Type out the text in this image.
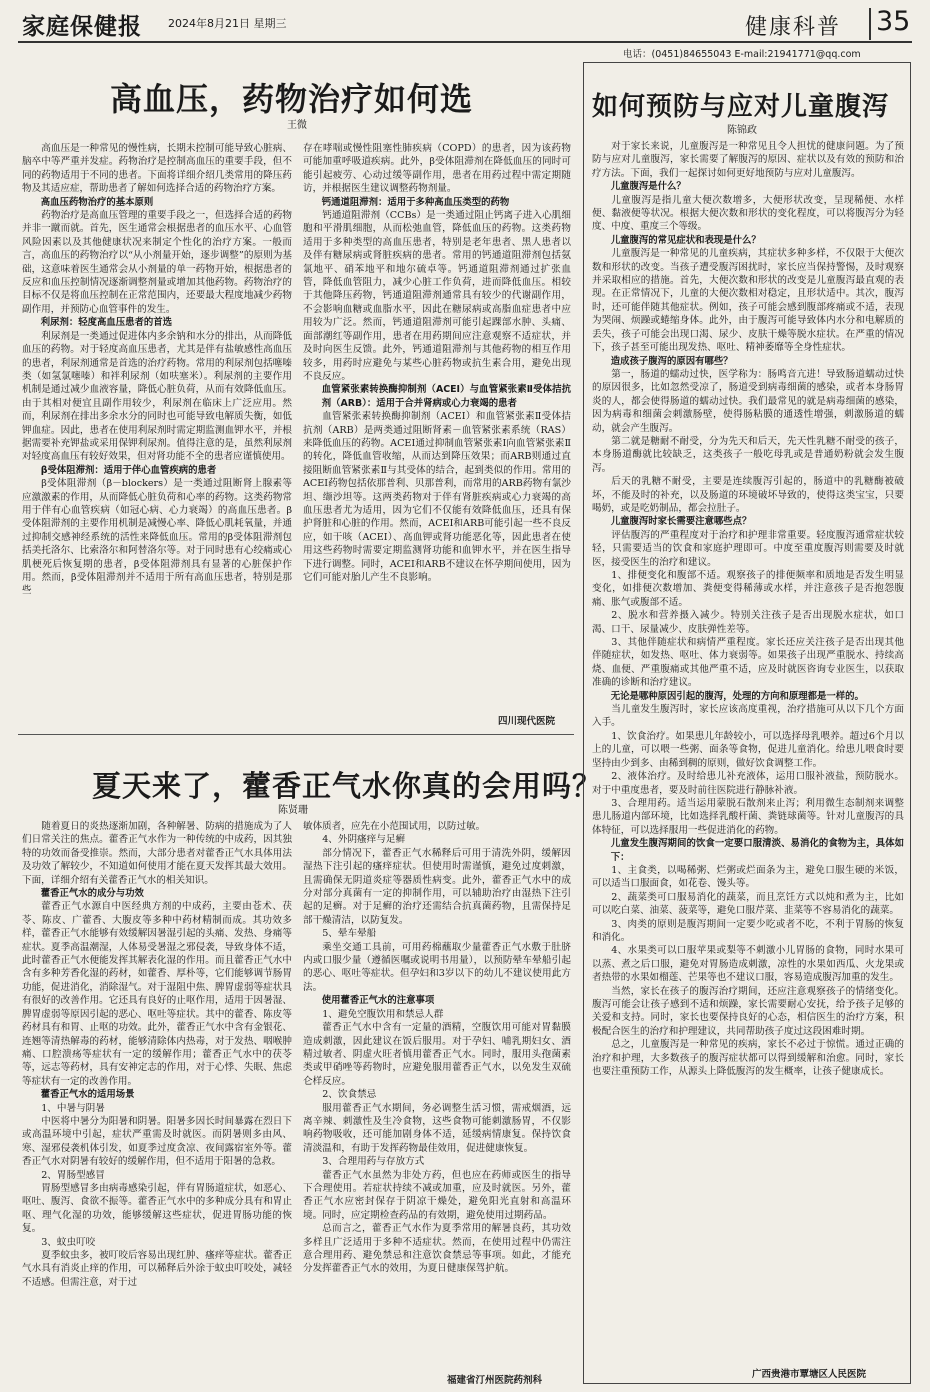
家庭保健报 2024年8月21日 星期三	健康科普 35
电话：(0451)84655043 E-mail:21941771@qq.com
高血压，药物治疗如何选
王微

高血压是一种常见的慢性病，长期未控制可能导致心脏病、脑卒中等严重并发症。药物治疗是控制高血压的重要手段，但不同的药物适用于不同的患者。下面将详细介绍几类常用的降压药物及其适应症，帮助患者了解如何选择合适的药物治疗方案。

高血压药物治疗的基本原则

药物治疗是高血压管理的重要手段之一，但选择合适的药物并非一蹴而就。首先，医生通常会根据患者的血压水平、心血管风险因素以及其他健康状况来制定个性化的治疗方案。一般而言，高血压的药物治疗以“从小剂量开始，逐步调整”的原则为基础，这意味着医生通常会从小剂量的单一药物开始，根据患者的反应和血压控制情况逐渐调整剂量或增加其他药物。药物治疗的目标不仅是将血压控制在正常范围内，还要最大程度地减少药物副作用，并预防心血管事件的发生。

利尿剂：轻度高血压患者的首选

利尿剂是一类通过促进体内多余钠和水分的排出，从而降低血压的药物。对于轻度高血压患者，尤其是伴有盐敏感性高血压的患者，利尿剂通常是首选的治疗药物。常用的利尿剂包括噻嗪类（如氢氯噻嗪）和袢利尿剂（如呋塞米）。利尿剂的主要作用机制是通过减少血液容量，降低心脏负荷，从而有效降低血压。由于其相对便宜且副作用较少，利尿剂在临床上广泛应用。然而，利尿剂在排出多余水分的同时也可能导致电解质失衡，如低钾血症。因此，患者在使用利尿剂时需定期监测血钾水平，并根据需要补充钾盐或采用保钾利尿剂。值得注意的是，虽然利尿剂对轻度高血压有较好效果，但对肾功能不全的患者应谨慎使用。

β受体阻滞剂：适用于伴心血管疾病的患者

β受体阻滞剂（β－blockers）是一类通过阻断肾上腺素等应激激素的作用，从而降低心脏负荷和心率的药物。这类药物常用于伴有心血管疾病（如冠心病、心力衰竭）的高血压患者。β受体阻滞剂的主要作用机制是减慢心率、降低心肌耗氧量，并通过抑制交感神经系统的活性来降低血压。常用的β受体阻滞剂包括美托洛尔、比索洛尔和阿替洛尔等。对于同时患有心绞痛或心肌梗死后恢复期的患者，β受体阻滞剂具有显著的心脏保护作用。然而，β受体阻滞剂并不适用于所有高血压患者，特别是那些

存在哮喘或慢性阻塞性肺疾病（COPD）的患者，因为该药物可能加重呼吸道疾病。此外，β受体阻滞剂在降低血压的同时可能引起疲劳、心动过缓等副作用，患者在用药过程中需定期随访，并根据医生建议调整药物剂量。

钙通道阻滞剂：适用于多种高血压类型的药物

钙通道阻滞剂（CCBs）是一类通过阻止钙离子进入心肌细胞和平滑肌细胞，从而松弛血管，降低血压的药物。这类药物适用于多种类型的高血压患者，特别是老年患者、黑人患者以及伴有糖尿病或肾脏疾病的患者。常用的钙通道阻滞剂包括氨氯地平、硝苯地平和地尔硫卓等。钙通道阻滞剂通过扩张血管，降低血管阻力，减少心脏工作负荷，进而降低血压。相较于其他降压药物，钙通道阻滞剂通常具有较少的代谢副作用，不会影响血糖或血脂水平，因此在糖尿病或高脂血症患者中应用较为广泛。然而，钙通道阻滞剂可能引起踝部水肿、头痛、面部潮红等副作用，患者在用药期间应注意观察不适症状，并及时向医生反馈。此外，钙通道阻滞剂与其他药物的相互作用较多，用药时应避免与某些心脏药物或抗生素合用，避免出现不良反应。

血管紧张素转换酶抑制剂（ACEI）与血管紧张素Ⅱ受体拮抗剂（ARB）：适用于合并肾病或心力衰竭的患者

血管紧张素转换酶抑制剂（ACEI）和血管紧张素Ⅱ受体拮抗剂（ARB）是两类通过阻断肾素－血管紧张素系统（RAS）来降低血压的药物。ACEI通过抑制血管紧张素Ⅰ向血管紧张素Ⅱ的转化，降低血管收缩，从而达到降压效果；而ARB则通过直接阻断血管紧张素Ⅱ与其受体的结合，起到类似的作用。常用的ACEI药物包括依那普利、贝那普利，而常用的ARB药物有氯沙坦、缬沙坦等。这两类药物对于伴有肾脏疾病或心力衰竭的高血压患者尤为适用，因为它们不仅能有效降低血压，还具有保护肾脏和心脏的作用。然而，ACEI和ARB可能引起一些不良反应，如干咳（ACEI）、高血钾或肾功能恶化等，因此患者在使用这些药物时需要定期监测肾功能和血钾水平，并在医生指导下进行调整。同时，ACEI和ARB不建议在怀孕期间使用，因为它们可能对胎儿产生不良影响。

四川现代医院
夏天来了，藿香正气水你真的会用吗？
陈贤珊

随着夏日的炎热逐渐加剧，各种解暑、防病的措施成为了人们日常关注的焦点。藿香正气水作为一种传统的中成药，因其独特的功效而备受推崇。然而，大部分患者对藿香正气水具体用法及功效了解较少，不知道如何使用才能在夏天发挥其最大效用。下面，详细介绍有关藿香正气水的相关知识。

藿香正气水的成分与功效

藿香正气水源自中医经典方剂的中成药，主要由苍术、茯苓、陈皮、广藿香、大腹皮等多种中药材精制而成。其功效多样，藿香正气水能够有效缓解因暑湿引起的头痛、发热、身痛等症状。夏季高温潮湿，人体易受暑湿之邪侵袭，导致身体不适，此时藿香正气水便能发挥其解表化湿的作用。而且藿香正气水中含有多种芳香化湿的药材，如藿香、厚朴等，它们能够调节肠胃功能，促进消化，消除湿气。对于湿阻中焦、脾胃虚弱等症状具有很好的改善作用。它还具有良好的止呕作用，适用于因暑湿、脾胃虚弱等原因引起的恶心、呕吐等症状。其中的藿香、陈皮等药材具有和胃、止呕的功效。此外，藿香正气水中含有金银花、连翘等清热解毒的药材，能够清除体内热毒，对于发热、咽喉肿痛、口腔溃疡等症状有一定的缓解作用；藿香正气水中的茯苓等，远志等药材，具有安神定志的作用，对于心悸、失眠、焦虑等症状有一定的改善作用。

藿香正气水的适用场景

1、中暑与阴暑

中医将中暑分为阳暑和阴暑。阳暑多因长时间暴露在烈日下或高温环境中引起，症状严重需及时就医。而阴暑则多由风、寒、湿邪侵袭机体引发，如夏季过度贪凉、夜间露宿室外等。藿香正气水对阴暑有较好的缓解作用，但不适用于阳暑的急救。

2、胃肠型感冒

胃肠型感冒多由病毒感染引起，伴有胃肠道症状，如恶心、呕吐、腹泻、食欲不振等。藿香正气水中的多种成分具有和胃止呕、理气化湿的功效，能够缓解这些症状，促进胃肠功能的恢复。

3、蚊虫叮咬

夏季蚊虫多，被叮咬后容易出现红肿、瘙痒等症状。藿香正气水具有消炎止痒的作用，可以稀释后外涂于蚊虫叮咬处，减轻不适感。但需注意，对于过

敏体质者，应先在小范围试用，以防过敏。

4、外阴瘙痒与足癣

部分情况下，藿香正气水稀释后可用于清洗外阴，缓解因湿热下注引起的瘙痒症状。但使用时需谨慎，避免过度刺激，且需确保无阴道炎症等器质性病变。此外，藿香正气水中的成分对部分真菌有一定的抑制作用，可以辅助治疗由湿热下注引起的足癣。对于足癣的治疗还需结合抗真菌药物，且需保持足部干燥清洁，以防复发。

5、晕车晕船

乘坐交通工具前，可用药棉蘸取少量藿香正气水敷于肚脐内或口服少量（遵循医嘱或说明书用量），以预防晕车晕船引起的恶心、呕吐等症状。但孕妇和3岁以下的幼儿不建议使用此方法。

使用藿香正气水的注意事项

1、避免空腹饮用和禁忌人群

藿香正气水中含有一定量的酒精，空腹饮用可能对胃黏膜造成刺激，因此建议在饭后服用。对于孕妇、哺乳期妇女、酒精过敏者、阴虚火旺者慎用藿香正气水。同时，服用头孢菌素类或甲硝唑等药物时，应避免服用藿香正气水，以免发生双硫仑样反应。

2、饮食禁忌

服用藿香正气水期间，务必调整生活习惯，需戒烟酒，远离辛辣、刺激性及生冷食物，这些食物可能刺激肠胃，不仅影响药物吸收，还可能加剧身体不适，延缓病情康复。保持饮食清淡温和，有助于发挥药物最佳效用，促进健康恢复。

3、合理用药与存放方式

藿香正气水虽然为非处方药，但也应在药师或医生的指导下合理使用。若症状持续不减或加重，应及时就医。另外，藿香正气水应密封保存于阴凉干燥处，避免阳光直射和高温环境。同时，应定期检查药品的有效期，避免使用过期药品。

总而言之，藿香正气水作为夏季常用的解暑良药，其功效多样且广泛适用于多种不适症状。然而，在使用过程中仍需注意合理用药、避免禁忌和注意饮食禁忌等事项。如此，才能充分发挥藿香正气水的效用，为夏日健康保驾护航。

福建省汀州医院药剂科
如何预防与应对儿童腹泻
陈锦政

对于家长来说，儿童腹泻是一种常见且令人担忧的健康问题。为了预防与应对儿童腹泻，家长需要了解腹泻的原因、症状以及有效的预防和治疗方法。下面，我们一起探讨如何更好地预防与应对儿童腹泻。

儿童腹泻是什么？

儿童腹泻是指儿童大便次数增多，大便形状改变，呈现稀便、水样便、黏液便等状况。根据大便次数和形状的变化程度，可以将腹泻分为轻度、中度、重度三个等级。

儿童腹泻的常见症状和表现是什么？

儿童腹泻是一种常见的儿童疾病，其症状多种多样，不仅限于大便次数和形状的改变。当孩子遭受腹泻困扰时，家长应当保持警惕，及时观察并采取相应的措施。首先，大便次数和形状的改变是儿童腹泻最直观的表现。在正常情况下，儿童的大便次数相对稳定，且形状适中。其次，腹泻时，还可能伴随其他症状。例如，孩子可能会感到腹部疼痛或不适，表现为哭闹、烦躁或蜷缩身体。此外，由于腹泻可能导致体内水分和电解质的丢失，孩子可能会出现口渴、尿少、皮肤干燥等脱水症状。在严重的情况下，孩子甚至可能出现发热、呕吐、精神萎靡等全身性症状。

造成孩子腹泻的原因有哪些？

第一，肠道的蠕动过快，医学称为：肠鸣音亢进！导致肠道蠕动过快的原因很多，比如忽然受凉了，肠道受到病毒细菌的感染，或者本身肠胃炎的人，都会使得肠道的蠕动过快。我们最常见的就是病毒细菌的感染，因为病毒和细菌会刺激肠壁，使得肠粘膜的通透性增强，刺激肠道的蠕动，就会产生腹泻。

第二就是糖耐不耐受，分为先天和后天，先天性乳糖不耐受的孩子，本身肠道酶就比较缺乏，这类孩子一般吃母乳或是普通奶粉就会发生腹泻。

后天的乳糖不耐受，主要是连续腹泻引起的，肠道中的乳糖酶被破坏，不能及时的补充，以及肠道的环境破坏导致的，使得这类宝宝，只要喝奶，或是吃奶制品，都会拉肚子。

儿童腹泻时家长需要注意哪些点？

评估腹泻的严重程度对于治疗和护理非常重要。轻度腹泻通常症状较轻，只需要适当的饮食和家庭护理即可。中度至重度腹泻则需要及时就医，接受医生的治疗和建议。

1、排便变化和腹部不适。观察孩子的排便频率和质地是否发生明显变化，如排便次数增加、粪便变得稀薄或水样，并注意孩子是否抱怨腹痛、胀气或腹部不适。

2、脱水和营养摄入减少。特别关注孩子是否出现脱水症状，如口渴、口干、尿量减少、皮肤弹性差等。

3、其他伴随症状和病情严重程度。家长还应关注孩子是否出现其他伴随症状，如发热、呕吐、体力衰弱等。如果孩子出现严重脱水、持续高烧、血便、严重腹痛或其他严重不适，应及时就医咨询专业医生，以获取准确的诊断和治疗建议。

无论是哪种原因引起的腹泻，处理的方向和原理都是一样的。

当儿童发生腹泻时，家长应该高度重视，治疗措施可从以下几个方面入手。

1、饮食治疗。如果患儿年龄较小，可以选择母乳喂养。超过6个月以上的儿童，可以喂一些粥、面条等食物，促进儿童消化。给患儿喂食时要坚持由少到多、由稀到稠的原则，做好饮食调整工作。

2、液体治疗。及时给患儿补充液体，运用口服补液盐，预防脱水。对于中重度患者，要及时前往医院进行静脉补液。

3、合理用药。适当运用蒙脱石散剂来止泻；利用微生态制剂来调整患儿肠道内部环境，比如选择乳酸杆菌、粪链球菌等。针对儿童腹泻的具体特征，可以选择服用一些促进消化的药物。

儿童发生腹泻期间的饮食一定要口服清淡、易消化的食物为主，具体如下：

1、主食类，以喝稀粥、烂粥或烂面条为主，避免口服生硬的米饭，可以适当口服面食，如花卷、馒头等。

2、蔬菜类可口服易消化的蔬菜，而且烹饪方式以炖和煮为主，比如可以吃白菜、油菜、菠菜等，避免口服芹菜、韭菜等不容易消化的蔬菜。

3、肉类的原则是腹泻期间一定要少吃或者不吃，不利于胃肠的恢复和消化。

4、水果类可以口服苹果或梨等不刺激小儿胃肠的食物，同时水果可以蒸、煮之后口服，避免对胃肠造成刺激，凉性的水果如西瓜、火龙果或者热带的水果如榴莲、芒果等也不建议口服，容易造成腹泻加重的发生。

当然，家长在孩子的腹泻治疗期间，还应注意观察孩子的情绪变化。腹泻可能会让孩子感到不适和烦躁，家长需要耐心安抚，给予孩子足够的关爱和支持。同时，家长也要保持良好的心态，相信医生的治疗方案，积极配合医生的治疗和护理建议，共同帮助孩子度过这段困难时期。

总之，儿童腹泻是一种常见的疾病，家长不必过于惊慌。通过正确的治疗和护理，大多数孩子的腹泻症状都可以得到缓解和治愈。同时，家长也要注重预防工作，从源头上降低腹泻的发生概率，让孩子健康成长。

广西贵港市覃塘区人民医院
